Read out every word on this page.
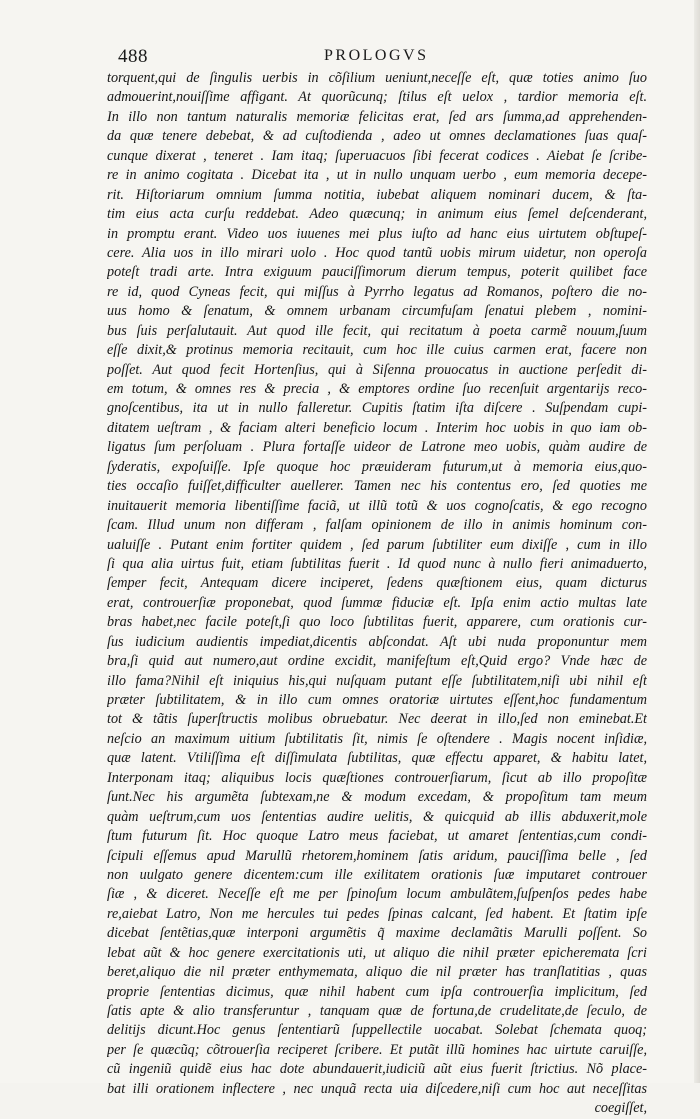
488	PROLOGVS
torquent,qui de ſingulis uerbis in cõſilium ueniunt,neceſſe eſt, quæ toties animo ſuo
admouerint,nouiſſime affigant. At quorũcunq; ſtilus eſt uelox , tardior memoria eſt.
In illo non tantum naturalis memoriæ felicitas erat, ſed ars ſumma,ad apprehenden-
da quæ tenere debebat, & ad cuſtodienda , adeo ut omnes declamationes ſuas quaſ-
cunque dixerat , teneret . Iam itaq; ſuperuacuos ſibi fecerat codices . Aiebat ſe ſcribe-
re in animo cogitata . Dicebat ita , ut in nullo unquam uerbo , eum memoria decepe-
rit. Hiſtoriarum omnium ſumma notitia, iubebat aliquem nominari ducem, & ſta-
tim eius acta curſu reddebat. Adeo quæcunq; in animum eius ſemel deſcenderant,
in promptu erant. Video uos iuuenes mei plus iuſto ad hanc eius uirtutem obſtupeſ-
cere. Alia uos in illo mirari uolo . Hoc quod tantũ uobis mirum uidetur, non operoſa
poteſt tradi arte. Intra exiguum pauciſſimorum dierum tempus, poterit quilibet face
re id, quod Cyneas fecit, qui miſſus à Pyrrho legatus ad Romanos, poſtero die no-
uus homo & ſenatum, & omnem urbanam circumfuſam ſenatui plebem , nomini-
bus ſuis perſalutauit. Aut quod ille fecit, qui recitatum à poeta carmẽ nouum,ſuum
eſſe dixit,& protinus memoria recitauit, cum hoc ille cuius carmen erat, facere non
poſſet. Aut quod fecit Hortenſius, qui à Siſenna prouocatus in auctione perſedit di-
em totum, & omnes res & precia , & emptores ordine ſuo recenſuit argentarijs reco-
gnoſcentibus, ita ut in nullo falleretur. Cupitis ſtatim iſta diſcere . Suſpendam cupi-
ditatem ueſtram , & faciam alteri beneficio locum . Interim hoc uobis in quo iam ob-
ligatus ſum perſoluam . Plura fortaſſe uideor de Latrone meo uobis, quàm audire de
ſyderatis, expoſuiſſe. Ipſe quoque hoc præuideram futurum,ut à memoria eius,quo-
ties occaſio fuiſſet,difficulter auellerer. Tamen nec his contentus ero, ſed quoties me
inuitauerit memoria libentiſſime faciã, ut illũ totũ & uos cognoſcatis, & ego recogno
ſcam. Illud unum non differam , falſam opinionem de illo in animis hominum con-
ualuiſſe . Putant enim fortiter quidem , ſed parum ſubtiliter eum dixiſſe , cum in illo
ſi qua alia uirtus fuit, etiam ſubtilitas fuerit . Id quod nunc à nullo fieri animaduerto,
ſemper fecit, Antequam dicere inciperet, ſedens quæſtionem eius, quam dicturus
erat, controuerſiæ proponebat, quod ſummæ fiduciæ eſt. Ipſa enim actio multas late
bras habet,nec facile poteſt,ſi quo loco ſubtilitas fuerit, apparere, cum orationis cur-
ſus iudicium audientis impediat,dicentis abſcondat. Aſt ubi nuda proponuntur mem
bra,ſi quid aut numero,aut ordine excidit, manifeſtum eſt,Quid ergo? Vnde hæc de
illo fama?Nihil eſt iniquius his,qui nuſquam putant eſſe ſubtilitatem,niſi ubi nihil eſt
præter ſubtilitatem, & in illo cum omnes oratoriæ uirtutes eſſent,hoc fundamentum
tot & tãtis ſuperſtructis molibus obruebatur. Nec deerat in illo,ſed non eminebat.Et
neſcio an maximum uitium ſubtilitatis ſit, nimis ſe oſtendere . Magis nocent inſidiæ,
quæ latent. Vtiliſſima eſt diſſimulata ſubtilitas, quæ effectu apparet, & habitu latet,
Interponam itaq; aliquibus locis quæſtiones controuerſiarum, ſicut ab illo propoſitæ
ſunt.Nec his argumẽta ſubtexam,ne & modum excedam, & propoſitum tam meum
quàm ueſtrum,cum uos ſententias audire uelitis, & quicquid ab illis abduxerit,mole
ſtum futurum ſit. Hoc quoque Latro meus faciebat, ut amaret ſententias,cum condi-
ſcipuli eſſemus apud Marullũ rhetorem,hominem ſatis aridum, pauciſſima belle , ſed
non uulgato genere dicentem:cum ille exilitatem orationis ſuæ imputaret controuer
ſiæ , & diceret. Neceſſe eſt me per ſpinoſum locum ambulãtem,ſuſpenſos pedes habe
re,aiebat Latro, Non me hercules tui pedes ſpinas calcant, ſed habent. Et ſtatim ipſe
dicebat ſentẽtias,quæ interponi argumẽtis q̃ maxime declamãtis Marulli poſſent. So
lebat aũt & hoc genere exercitationis uti, ut aliquo die nihil præter epicheremata ſcri
beret,aliquo die nil præter enthymemata, aliquo die nil præter has tranſlatitias , quas
proprie ſententias dicimus, quæ nihil habent cum ipſa controuerſia implicitum, ſed
ſatis apte & alio transferuntur , tanquam quæ de fortuna,de crudelitate,de ſeculo, de
delitijs dicunt.Hoc genus ſententiarũ ſuppellectile uocabat. Solebat ſchemata quoq;
per ſe quæcũq; cõtrouerſia reciperet ſcribere. Et putãt illũ homines hac uirtute caruiſſe,
cũ ingeniũ quidẽ eius hac dote abundauerit,iudiciũ aũt eius fuerit ſtrictius. Nõ place-
bat illi orationem inflectere , nec unquã recta uia diſcedere,niſi cum hoc aut neceſſitas
coegiſſet,
